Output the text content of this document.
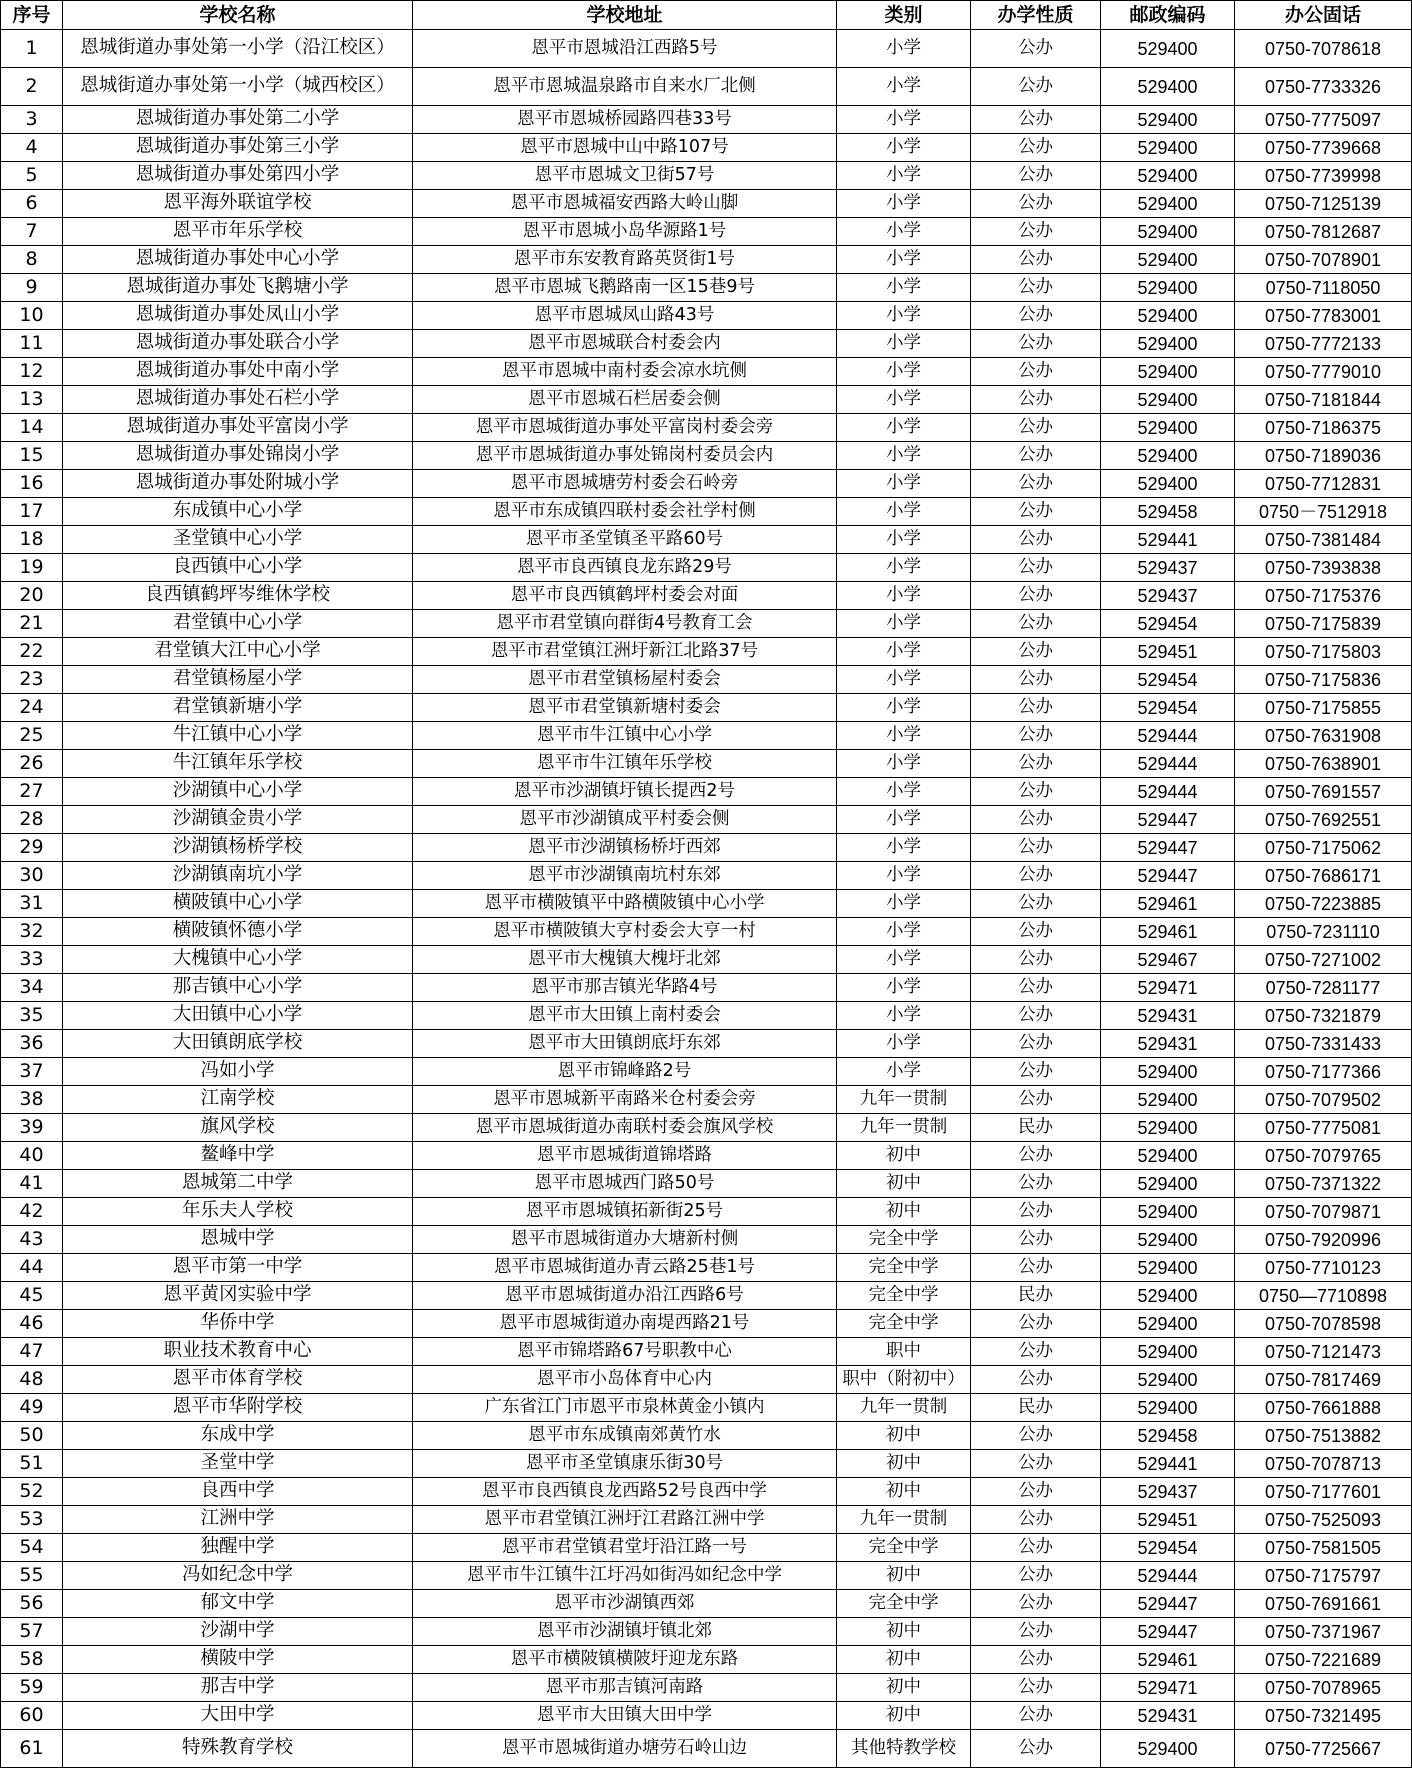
序号	学校名称	学校地址	类别	办学性质	邮政编码	办公固话
1	恩城街道办事处第一小学（沿江校区）	恩平市恩城沿江西路5号	小学	公办	529400	0750-7078618
2	恩城街道办事处第一小学（城西校区）	恩平市恩城温泉路市自来水厂北侧	小学	公办	529400	0750-7733326
3	恩城街道办事处第二小学	恩平市恩城桥园路四巷33号	小学	公办	529400	0750-7775097
4	恩城街道办事处第三小学	恩平市恩城中山中路107号	小学	公办	529400	0750-7739668
5	恩城街道办事处第四小学	恩平市恩城文卫街57号	小学	公办	529400	0750-7739998
6	恩平海外联谊学校	恩平市恩城福安西路大岭山脚	小学	公办	529400	0750-7125139
7	恩平市年乐学校	恩平市恩城小岛华源路1号	小学	公办	529400	0750-7812687
8	恩城街道办事处中心小学	恩平市东安教育路英贤街1号	小学	公办	529400	0750-7078901
9	恩城街道办事处飞鹅塘小学	恩平市恩城飞鹅路南一区15巷9号	小学	公办	529400	0750-7118050
10	恩城街道办事处凤山小学	恩平市恩城凤山路43号	小学	公办	529400	0750-7783001
11	恩城街道办事处联合小学	恩平市恩城联合村委会内	小学	公办	529400	0750-7772133
12	恩城街道办事处中南小学	恩平市恩城中南村委会凉水坑侧	小学	公办	529400	0750-7779010
13	恩城街道办事处石栏小学	恩平市恩城石栏居委会侧	小学	公办	529400	0750-7181844
14	恩城街道办事处平富岗小学	恩平市恩城街道办事处平富岗村委会旁	小学	公办	529400	0750-7186375
15	恩城街道办事处锦岗小学	恩平市恩城街道办事处锦岗村委员会内	小学	公办	529400	0750-7189036
16	恩城街道办事处附城小学	恩平市恩城塘劳村委会石岭旁	小学	公办	529400	0750-7712831
17	东成镇中心小学	恩平市东成镇四联村委会社学村侧	小学	公办	529458	0750－7512918
18	圣堂镇中心小学	恩平市圣堂镇圣平路60号	小学	公办	529441	0750-7381484
19	良西镇中心小学	恩平市良西镇良龙东路29号	小学	公办	529437	0750-7393838
20	良西镇鹤坪岑维休学校	恩平市良西镇鹤坪村委会对面	小学	公办	529437	0750-7175376
21	君堂镇中心小学	恩平市君堂镇向群街4号教育工会	小学	公办	529454	0750-7175839
22	君堂镇大江中心小学	恩平市君堂镇江洲圩新江北路37号	小学	公办	529451	0750-7175803
23	君堂镇杨屋小学	恩平市君堂镇杨屋村委会	小学	公办	529454	0750-7175836
24	君堂镇新塘小学	恩平市君堂镇新塘村委会	小学	公办	529454	0750-7175855
25	牛江镇中心小学	恩平市牛江镇中心小学	小学	公办	529444	0750-7631908
26	牛江镇年乐学校	恩平市牛江镇年乐学校	小学	公办	529444	0750-7638901
27	沙湖镇中心小学	恩平市沙湖镇圩镇长提西2号	小学	公办	529444	0750-7691557
28	沙湖镇金贵小学	恩平市沙湖镇成平村委会侧	小学	公办	529447	0750-7692551
29	沙湖镇杨桥学校	恩平市沙湖镇杨桥圩西郊	小学	公办	529447	0750-7175062
30	沙湖镇南坑小学	恩平市沙湖镇南坑村东郊	小学	公办	529447	0750-7686171
31	横陂镇中心小学	恩平市横陂镇平中路横陂镇中心小学	小学	公办	529461	0750-7223885
32	横陂镇怀德小学	恩平市横陂镇大亨村委会大亨一村	小学	公办	529461	0750-7231110
33	大槐镇中心小学	恩平市大槐镇大槐圩北郊	小学	公办	529467	0750-7271002
34	那吉镇中心小学	恩平市那吉镇光华路4号	小学	公办	529471	0750-7281177
35	大田镇中心小学	恩平市大田镇上南村委会	小学	公办	529431	0750-7321879
36	大田镇朗底学校	恩平市大田镇朗底圩东郊	小学	公办	529431	0750-7331433
37	冯如小学	恩平市锦峰路2号	小学	公办	529400	0750-7177366
38	江南学校	恩平市恩城新平南路米仓村委会旁	九年一贯制	公办	529400	0750-7079502
39	旗风学校	恩平市恩城街道办南联村委会旗风学校	九年一贯制	民办	529400	0750-7775081
40	鳌峰中学	恩平市恩城街道锦塔路	初中	公办	529400	0750-7079765
41	恩城第二中学	恩平市恩城西门路50号	初中	公办	529400	0750-7371322
42	年乐夫人学校	恩平市恩城镇拓新街25号	初中	公办	529400	0750-7079871
43	恩城中学	恩平市恩城街道办大塘新村侧	完全中学	公办	529400	0750-7920996
44	恩平市第一中学	恩平市恩城街道办青云路25巷1号	完全中学	公办	529400	0750-7710123
45	恩平黄冈实验中学	恩平市恩城街道办沿江西路6号	完全中学	民办	529400	0750—7710898
46	华侨中学	恩平市恩城街道办南堤西路21号	完全中学	公办	529400	0750-7078598
47	职业技术教育中心	恩平市锦塔路67号职教中心	职中	公办	529400	0750-7121473
48	恩平市体育学校	恩平市小岛体育中心内	职中（附初中）	公办	529400	0750-7817469
49	恩平市华附学校	广东省江门市恩平市泉林黄金小镇内	九年一贯制	民办	529400	0750-7661888
50	东成中学	恩平市东成镇南郊黄竹水	初中	公办	529458	0750-7513882
51	圣堂中学	恩平市圣堂镇康乐街30号	初中	公办	529441	0750-7078713
52	良西中学	恩平市良西镇良龙西路52号良西中学	初中	公办	529437	0750-7177601
53	江洲中学	恩平市君堂镇江洲圩江君路江洲中学	九年一贯制	公办	529451	0750-7525093
54	独醒中学	恩平市君堂镇君堂圩沿江路一号	完全中学	公办	529454	0750-7581505
55	冯如纪念中学	恩平市牛江镇牛江圩冯如街冯如纪念中学	初中	公办	529444	0750-7175797
56	郁文中学	恩平市沙湖镇西郊	完全中学	公办	529447	0750-7691661
57	沙湖中学	恩平市沙湖镇圩镇北郊	初中	公办	529447	0750-7371967
58	横陂中学	恩平市横陂镇横陂圩迎龙东路	初中	公办	529461	0750-7221689
59	那吉中学	恩平市那吉镇河南路	初中	公办	529471	0750-7078965
60	大田中学	恩平市大田镇大田中学	初中	公办	529431	0750-7321495
61	特殊教育学校	恩平市恩城街道办塘劳石岭山边	其他特教学校	公办	529400	0750-7725667
